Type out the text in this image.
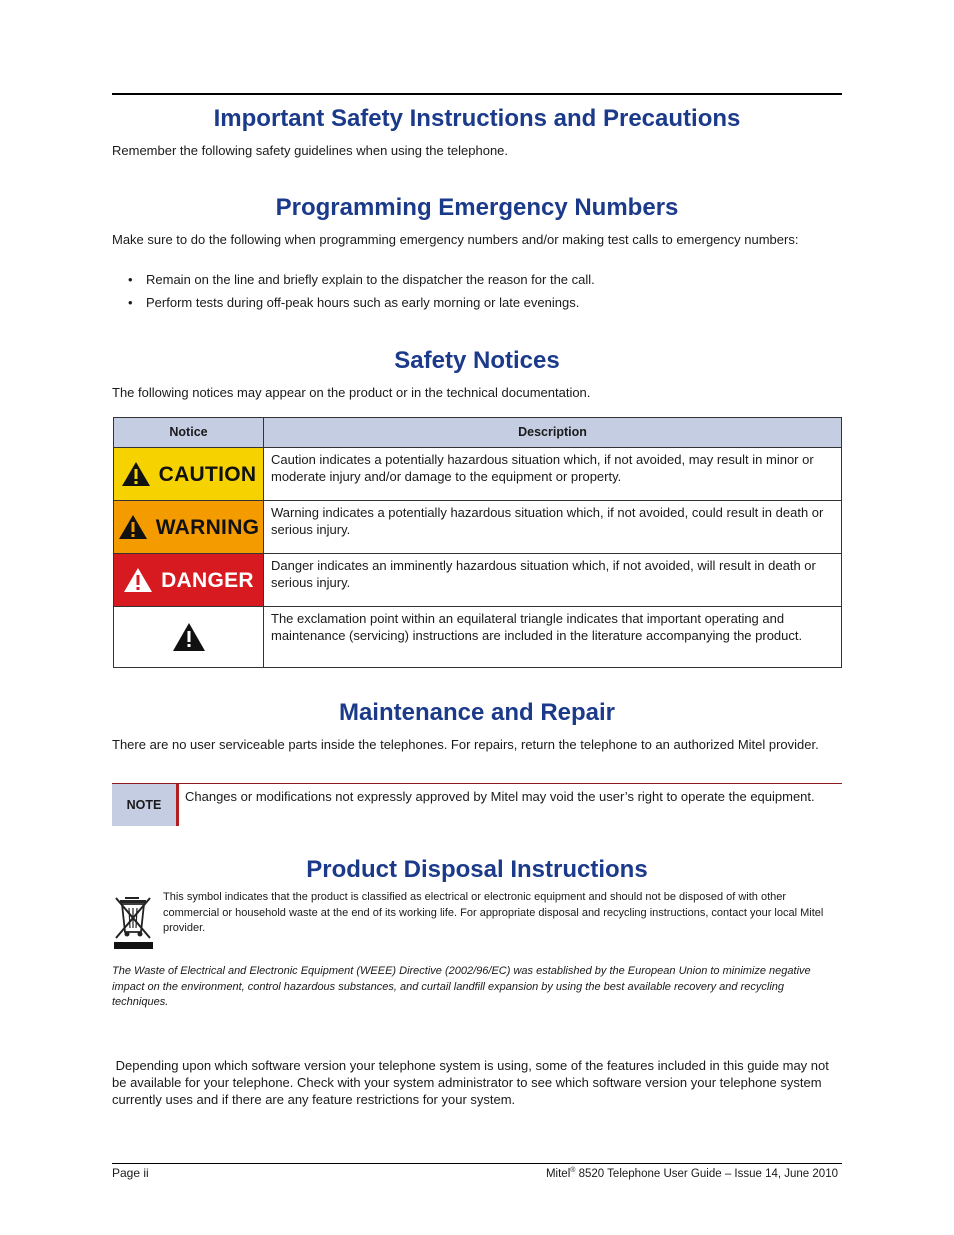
Important Safety Instructions and Precautions

Remember the following safety guidelines when using the telephone.

Programming Emergency Numbers

Make sure to do the following when programming emergency numbers and/or making test calls to emergency numbers:

• Remain on the line and briefly explain to the dispatcher the reason for the call.
• Perform tests during off-peak hours such as early morning or late evenings.
Safety Notices

The following notices may appear on the product or in the technical documentation.

Notice	Description

CAUTION	Caution indicates a potentially hazardous situation which, if not avoided, may result in minor or moderate injury and/or damage to the equipment or property.

WARNING	Warning indicates a potentially hazardous situation which, if not avoided, could result in death or serious injury.

DANGER	Danger indicates an imminently hazardous situation which, if not avoided, will result in death or serious injury.

	The exclamation point within an equilateral triangle indicates that important operating and maintenance (servicing) instructions are included in the literature accompanying the product.
Maintenance and Repair

There are no user serviceable parts inside the telephones. For repairs, return the telephone to an authorized Mitel provider.

NOTE
Changes or modifications not expressly approved by Mitel may void the user’s right to operate the equipment.
Product Disposal Instructions
This symbol indicates that the product is classified as electrical or electronic equipment and should not be disposed of with other commercial or household waste at the end of its working life. For appropriate disposal and recycling instructions, contact your local Mitel provider.
The Waste of Electrical and Electronic Equipment (WEEE) Directive (2002/96/EC) was established by the European Union to minimize negative impact on the environment, control hazardous substances, and curtail landfill expansion by using the best available recovery and recycling techniques.

Depending upon which software version your telephone system is using, some of the features included in this guide may not be available for your telephone. Check with your system administrator to see which software version your telephone system currently uses and if there are any feature restrictions for your system.

Page ii	Mitel® 8520 Telephone User Guide – Issue 14, June 2010
